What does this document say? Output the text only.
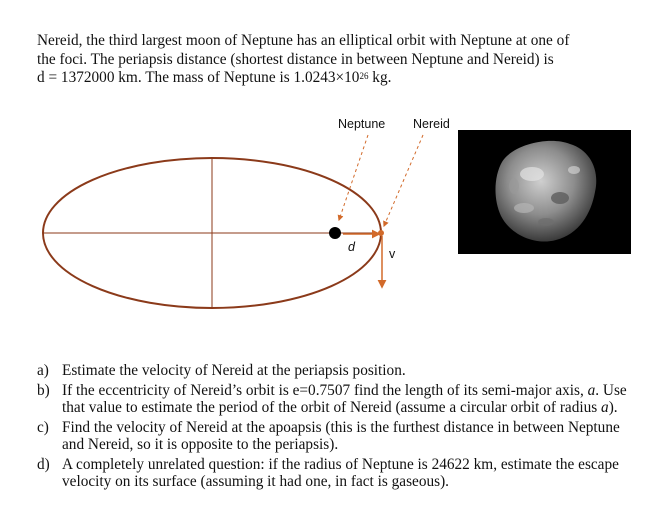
Nereid, the third largest moon of Neptune has an elliptical orbit with Neptune at one of

the foci. The periapsis distance (shortest distance in between Neptune and Nereid) is

d = 1372000 km. The mass of Neptune is $1.0243\times 10^{26}$ kg.

Neptune Nereid
d	v
a) Estimate the velocity of Nereid at the periapsis position.
b) If the eccentricity of Nereid’s orbit is e=0.7507 find the length of its semi-major axis, a. Use that value to estimate the period of the orbit of Nereid (assume a circular orbit of radius a).
c) Find the velocity of Nereid at the apoapsis (this is the furthest distance in between Neptune and Nereid, so it is opposite to the periapsis).
d) A completely unrelated question: if the radius of Neptune is 24622 km, estimate the escape velocity on its surface (assuming it had one, in fact is gaseous).
